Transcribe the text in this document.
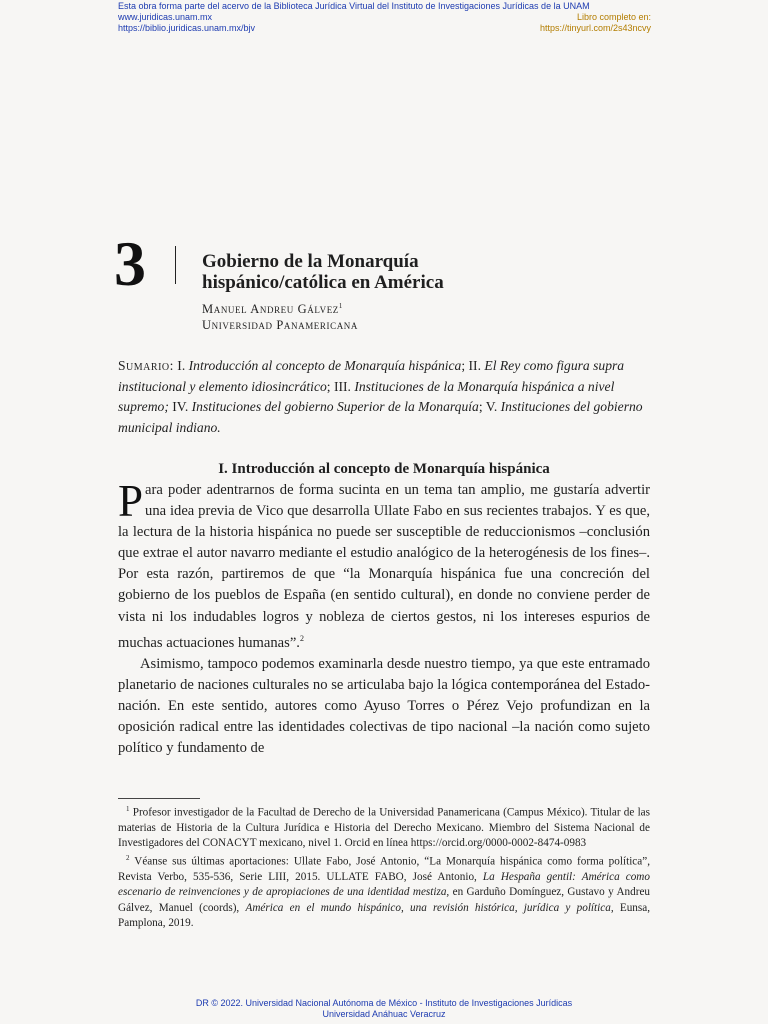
Esta obra forma parte del acervo de la Biblioteca Jurídica Virtual del Instituto de Investigaciones Jurídicas de la UNAM
www.juridicas.unam.mx
https://biblio.juridicas.unam.mx/bjv
Libro completo en:
https://tinyurl.com/2s43ncvy
3	Gobierno de la Monarquía
hispánico/católica en América
Manuel Andreu Gálvez$^1$
Universidad Panamericana
Sumario: I. Introducción al concepto de Monarquía hispánica; II. El Rey como figura supra institucional y elemento idiosincrático; III. Instituciones de la Monarquía hispánica a nivel supremo; IV. Instituciones del gobierno Superior de la Monarquía; V. Instituciones del gobierno municipal indiano.
I. Introducción al concepto de Monarquía hispánica

Para poder adentrarnos de forma sucinta en un tema tan amplio, me gustaría advertir una idea previa de Vico que desarrolla Ullate Fabo en sus recientes trabajos. Y es que, la lectura de la historia hispánica no puede ser susceptible de reduccionismos –conclusión que extrae el autor navarro mediante el estudio analógico de la heterogénesis de los fines–. Por esta razón, partiremos de que “la Monarquía hispánica fue una concreción del gobierno de los pueblos de España (en sentido cultural), en donde no conviene perder de vista ni los indudables logros y nobleza de ciertos gestos, ni los intereses espurios de muchas actuaciones humanas”.$^2$

Asimismo, tampoco podemos examinarla desde nuestro tiempo, ya que este entramado planetario de naciones culturales no se articulaba bajo la lógica contemporánea del Estado-nación. En este sentido, autores como Ayuso Torres o Pérez Vejo profundizan en la oposición radical entre las identidades colectivas de tipo nacional –la nación como sujeto político y fundamento de

$^1$ Profesor investigador de la Facultad de Derecho de la Universidad Panamericana (Campus México). Titular de las materias de Historia de la Cultura Jurídica e Historia del Derecho Mexicano. Miembro del Sistema Nacional de Investigadores del CONACYT mexicano, nivel 1. Orcid en línea https://orcid.org/0000-0002-8474-0983

$^2$ Véanse sus últimas aportaciones: Ullate Fabo, José Antonio, “La Monarquía hispánica como forma política”, Revista Verbo, 535-536, Serie LIII, 2015. ULLATE FABO, José Antonio, La Hespaña gentil: América como escenario de reinvenciones y de apropiaciones de una identidad mestiza, en Garduño Domínguez, Gustavo y Andreu Gálvez, Manuel (coords), América en el mundo hispánico, una revisión histórica, jurídica y política, Eunsa, Pamplona, 2019.

DR © 2022. Universidad Nacional Autónoma de México - Instituto de Investigaciones Jurídicas
Universidad Anáhuac Veracruz
